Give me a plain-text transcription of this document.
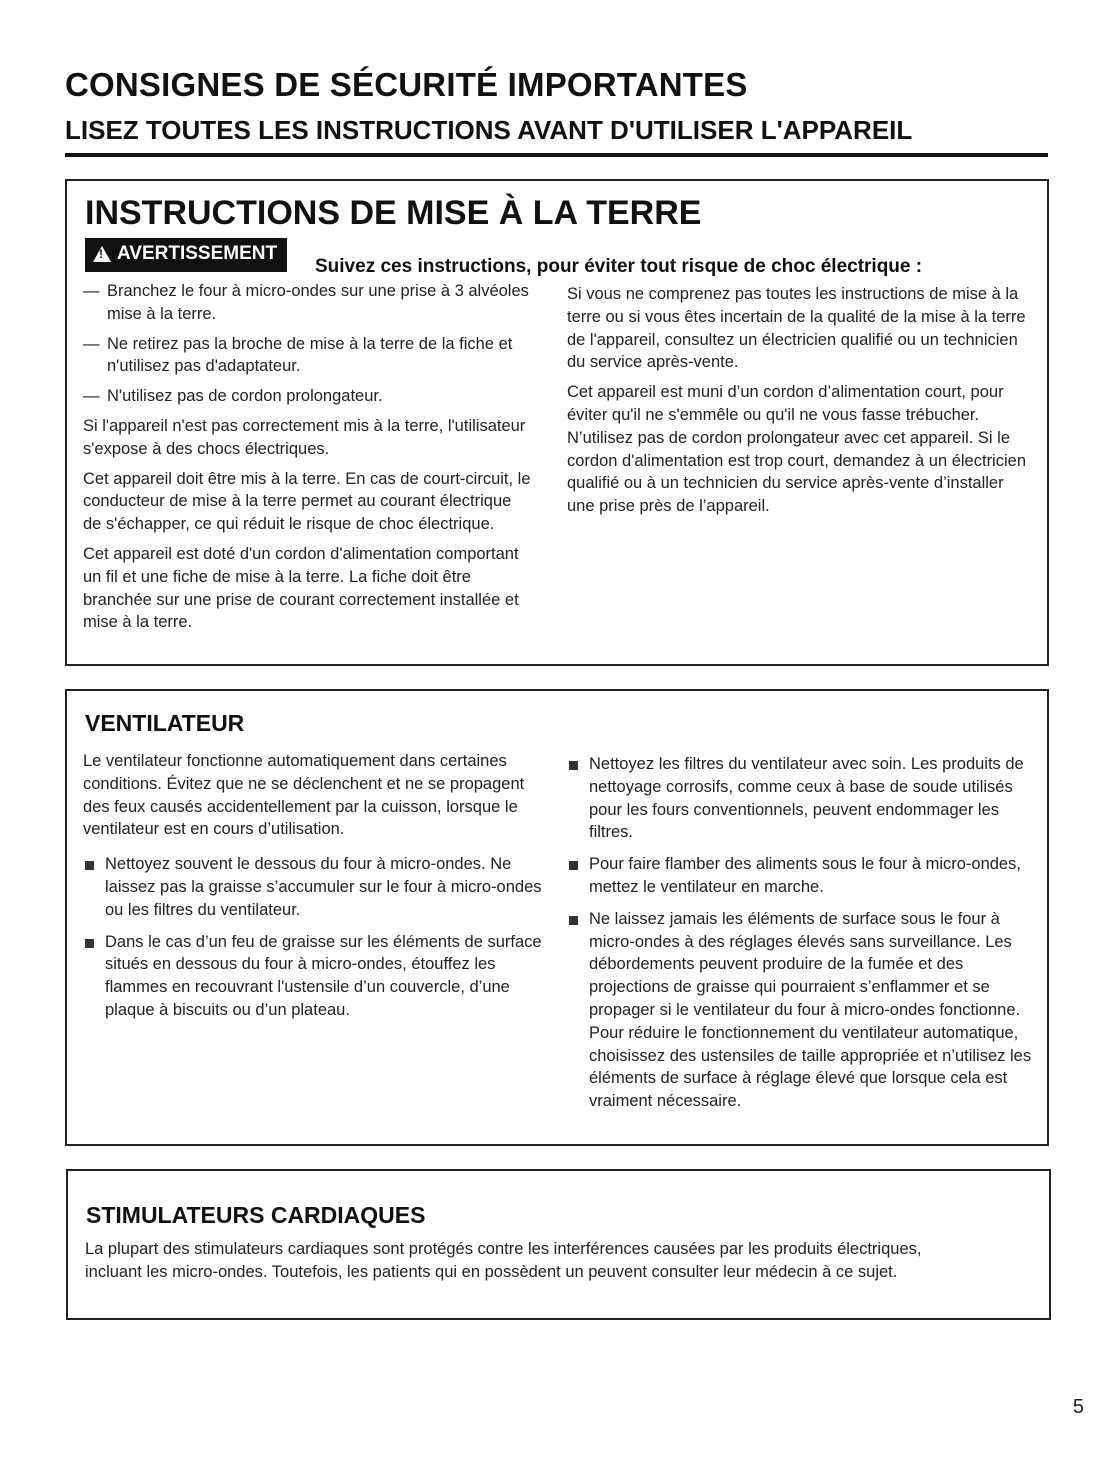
CONSIGNES DE SÉCURITÉ IMPORTANTES
LISEZ TOUTES LES INSTRUCTIONS AVANT D'UTILISER L'APPAREIL
INSTRUCTIONS DE MISE À LA TERRE
!
AVERTISSEMENT
Suivez ces instructions, pour éviter tout risque de choc électrique :
— Branchez le four à micro-ondes sur une prise à 3 alvéoles mise à la terre.
— Ne retirez pas la broche de mise à la terre de la fiche et n'utilisez pas d'adaptateur.
— N'utilisez pas de cordon prolongateur.

Si l'appareil n'est pas correctement mis à la terre, l'utilisateur s'expose à des chocs électriques.

Cet appareil doit être mis à la terre. En cas de court-circuit, le conducteur de mise à la terre permet au courant électrique de s'échapper, ce qui réduit le risque de choc électrique.

Cet appareil est doté d'un cordon d'alimentation comportant un fil et une fiche de mise à la terre. La fiche doit être branchée sur une prise de courant correctement installée et mise à la terre.

Si vous ne comprenez pas toutes les instructions de mise à la terre ou si vous êtes incertain de la qualité de la mise à la terre de l'appareil, consultez un électricien qualifié ou un technicien du service après-vente.

Cet appareil est muni d’un cordon d’alimentation court, pour éviter qu'il ne s'emmêle ou qu'il ne vous fasse trébucher. N’utilisez pas de cordon prolongateur avec cet appareil. Si le cordon d'alimentation est trop court, demandez à un électricien qualifié ou à un technicien du service après-vente d’installer une prise près de l’appareil.

VENTILATEUR

Le ventilateur fonctionne automatiquement dans certaines conditions. Évitez que ne se déclenchent et ne se propagent des feux causés accidentellement par la cuisson, lorsque le ventilateur est en cours d’utilisation.

Nettoyez souvent le dessous du four à micro-ondes. Ne laissez pas la graisse s’accumuler sur le four à micro-ondes ou les filtres du ventilateur.
Dans le cas d’un feu de graisse sur les éléments de surface situés en dessous du four à micro-ondes, étouffez les flammes en recouvrant l'ustensile d’un couvercle, d’une plaque à biscuits ou d’un plateau.
Nettoyez les filtres du ventilateur avec soin. Les produits de nettoyage corrosifs, comme ceux à base de soude utilisés pour les fours conventionnels, peuvent endommager les filtres.
Pour faire flamber des aliments sous le four à micro-ondes, mettez le ventilateur en marche.
Ne laissez jamais les éléments de surface sous le four à micro-ondes à des réglages élevés sans surveillance. Les débordements peuvent produire de la fumée et des projections de graisse qui pourraient s’enflammer et se propager si le ventilateur du four à micro-ondes fonctionne. Pour réduire le fonctionnement du ventilateur automatique, choisissez des ustensiles de taille appropriée et n’utilisez les éléments de surface à réglage élevé que lorsque cela est vraiment nécessaire.
STIMULATEURS CARDIAQUES

La plupart des stimulateurs cardiaques sont protégés contre les interférences causées par les produits électriques, incluant les micro-ondes. Toutefois, les patients qui en possèdent un peuvent consulter leur médecin à ce sujet.

5
